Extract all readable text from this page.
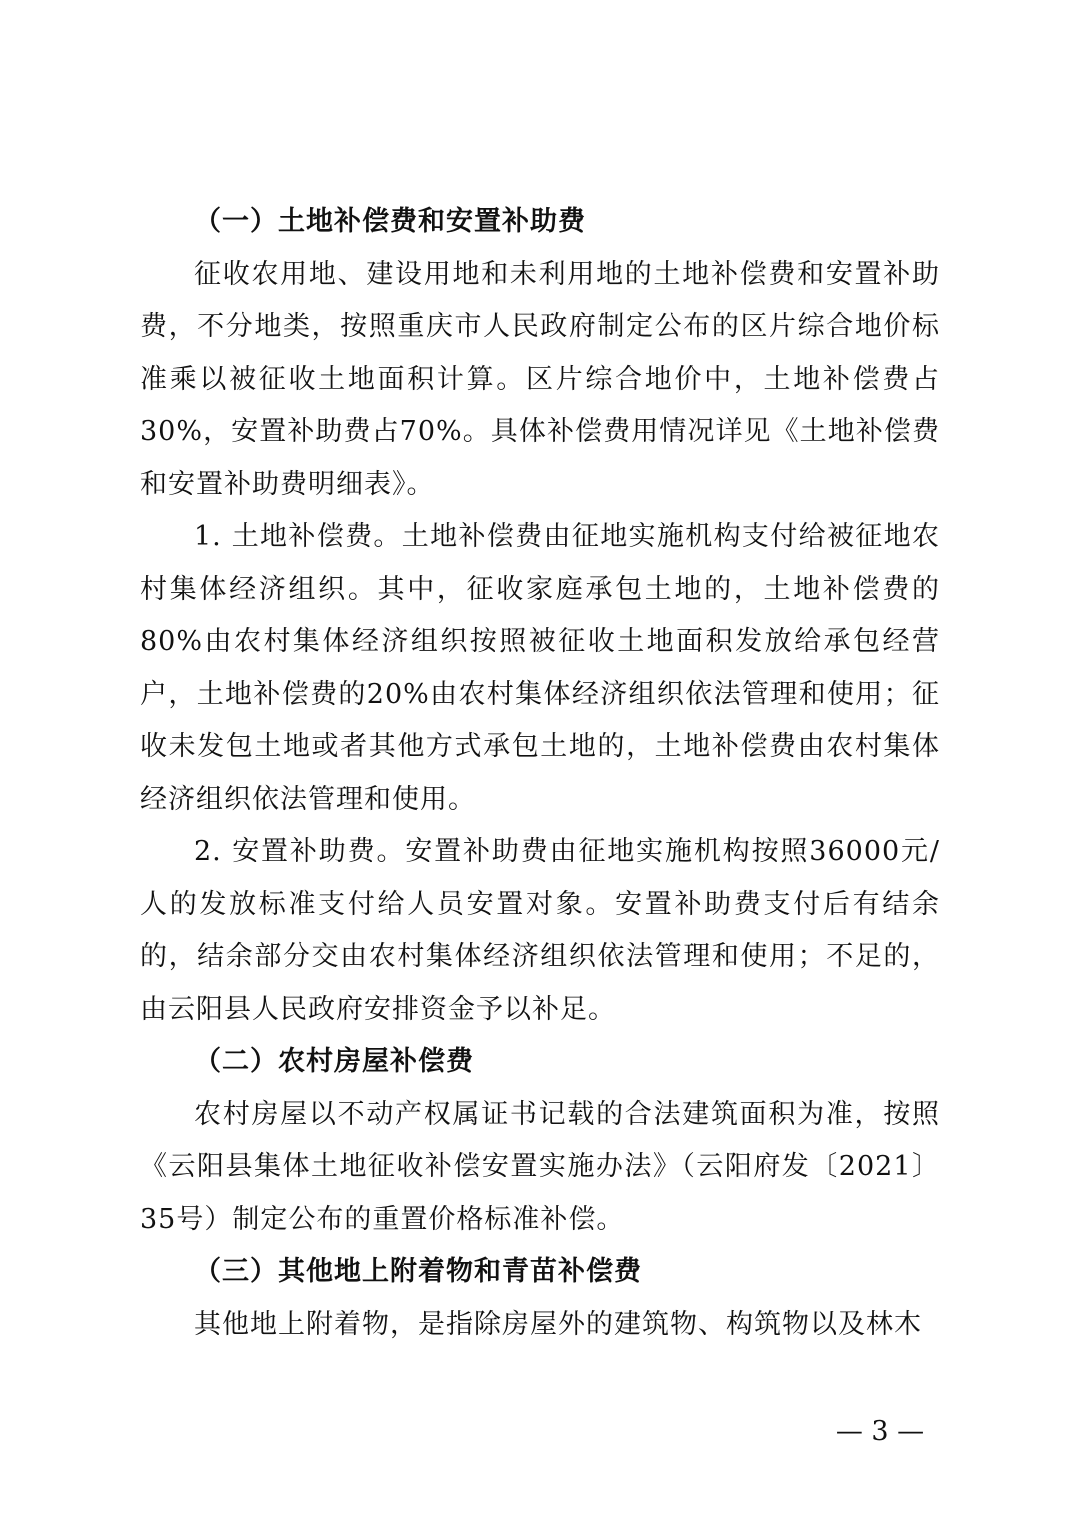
（一）土地补偿费和安置补助费

征收农用地、建设用地和未利用地的土地补偿费和安置补助费，不分地类，按照重庆市人民政府制定公布的区片综合地价标准乘以被征收土地面积计算。区片综合地价中，土地补偿费占30%，安置补助费占70%。具体补偿费用情况详见《土地补偿费和安置补助费明细表》。

1. 土地补偿费。土地补偿费由征地实施机构支付给被征地农村集体经济组织。其中，征收家庭承包土地的，土地补偿费的80%由农村集体经济组织按照被征收土地面积发放给承包经营户，土地补偿费的20%由农村集体经济组织依法管理和使用；征收未发包土地或者其他方式承包土地的，土地补偿费由农村集体经济组织依法管理和使用。

2. 安置补助费。安置补助费由征地实施机构按照36000元/人的发放标准支付给人员安置对象。安置补助费支付后有结余的，结余部分交由农村集体经济组织依法管理和使用；不足的，由云阳县人民政府安排资金予以补足。

（二）农村房屋补偿费

农村房屋以不动产权属证书记载的合法建筑面积为准，按照《云阳县集体土地征收补偿安置实施办法》（云阳府发〔2021〕35号）制定公布的重置价格标准补偿。

（三）其他地上附着物和青苗补偿费

其他地上附着物，是指除房屋外的建筑物、构筑物以及林木

— 3 —
